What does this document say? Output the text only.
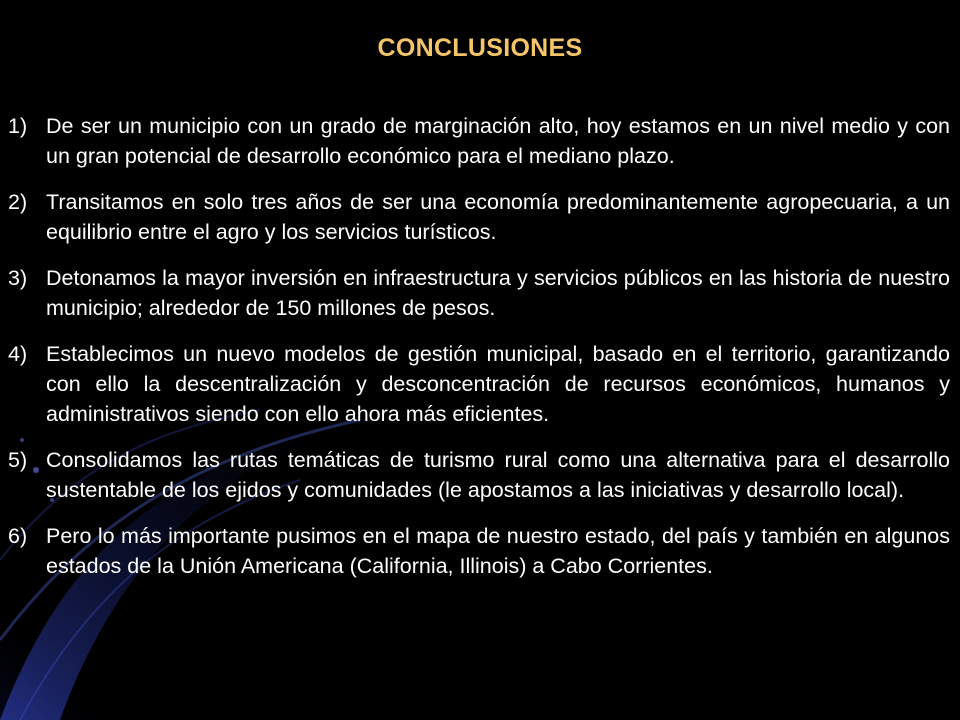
CONCLUSIONES
1) De ser un municipio con un grado de marginación alto, hoy estamos en un nivel medio y con un gran potencial de desarrollo económico para el mediano plazo.
2) Transitamos en solo tres años de ser una economía predominantemente agropecuaria, a un equilibrio entre el agro y los servicios turísticos.
3) Detonamos la mayor inversión en infraestructura y servicios públicos en las historia de nuestro municipio; alrededor de 150 millones de pesos.
4) Establecimos un nuevo modelos de gestión municipal, basado en el territorio, garantizando con ello la descentralización y desconcentración de recursos económicos, humanos y administrativos siendo con ello ahora más eficientes.
5) Consolidamos las rutas temáticas de turismo rural como una alternativa para el desarrollo sustentable de los ejidos y comunidades (le apostamos a las iniciativas y desarrollo local).
6) Pero lo más importante pusimos en el mapa de nuestro estado, del país y también en algunos estados de la Unión Americana (California, Illinois) a Cabo Corrientes.
